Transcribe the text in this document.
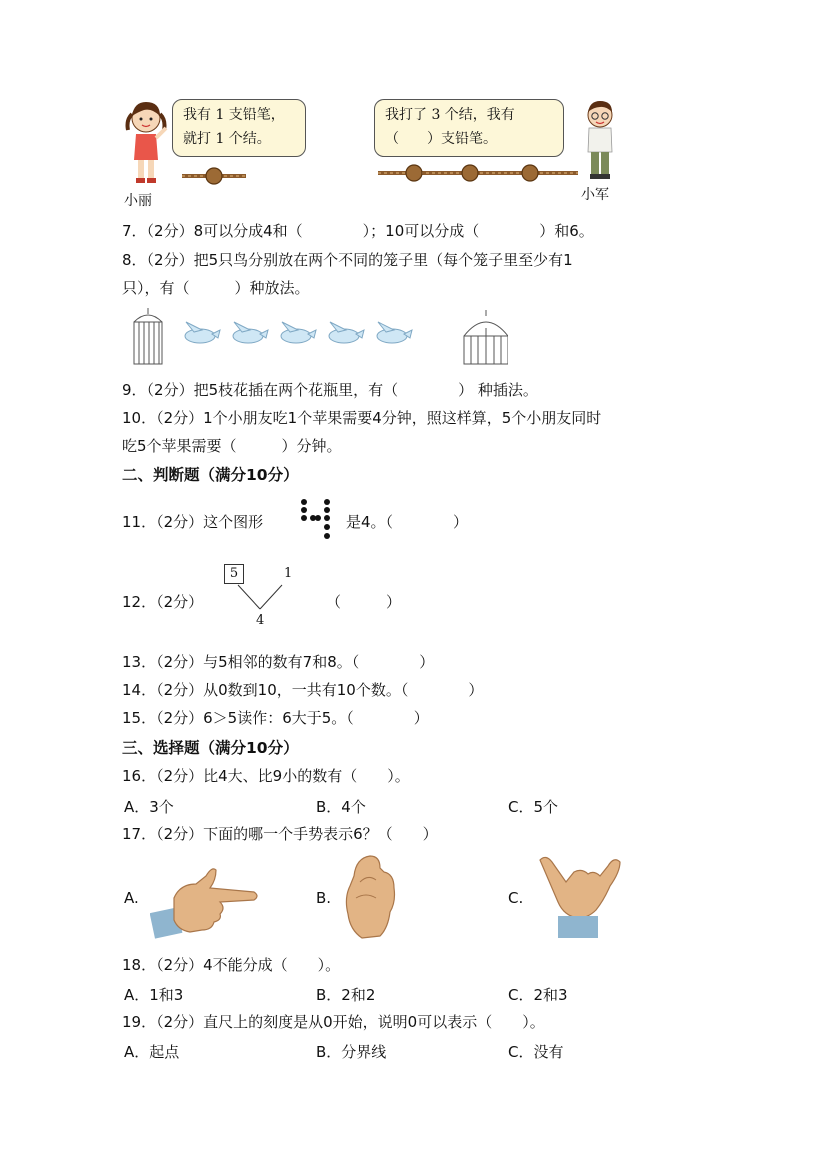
我有 1 支铅笔，
就打 1 个结。
小丽
我打了 3 个结，我有
（　　）支铅笔。
小军
7．（2分）8可以分成4和（　　　　）；10可以分成（　　　　）和6。
8．（2分）把5只鸟分别放在两个不同的笼子里（每个笼子里至少有1
只），有（　　　）种放法。
9．（2分）把5枝花插在两个花瓶里，有（　　　　） 种插法。
10．（2分）1个小朋友吃1个苹果需要4分钟，照这样算，5个小朋友同时
吃5个苹果需要（　　　）分钟。
二、判断题（满分10分）
11．（2分）这个图形	是4。（　　　　）
12．（2分）
5	1
4
（　　　）
13．（2分）与5相邻的数有7和8。（　　　　）
14．（2分）从0数到10，一共有10个数。（　　　　）
15．（2分）6＞5读作：6大于5。（　　　　）
三、选择题（满分10分）
16．（2分）比4大、比9小的数有（　　）。
A．3个	B．4个	C．5个
17．（2分）下面的哪一个手势表示6？（　　）
A.	B.	C.
18．（2分）4不能分成（　　）。
A．1和3	B．2和2	C．2和3
19．（2分）直尺上的刻度是从0开始，说明0可以表示（　　）。
A．起点	B．分界线	C．没有
